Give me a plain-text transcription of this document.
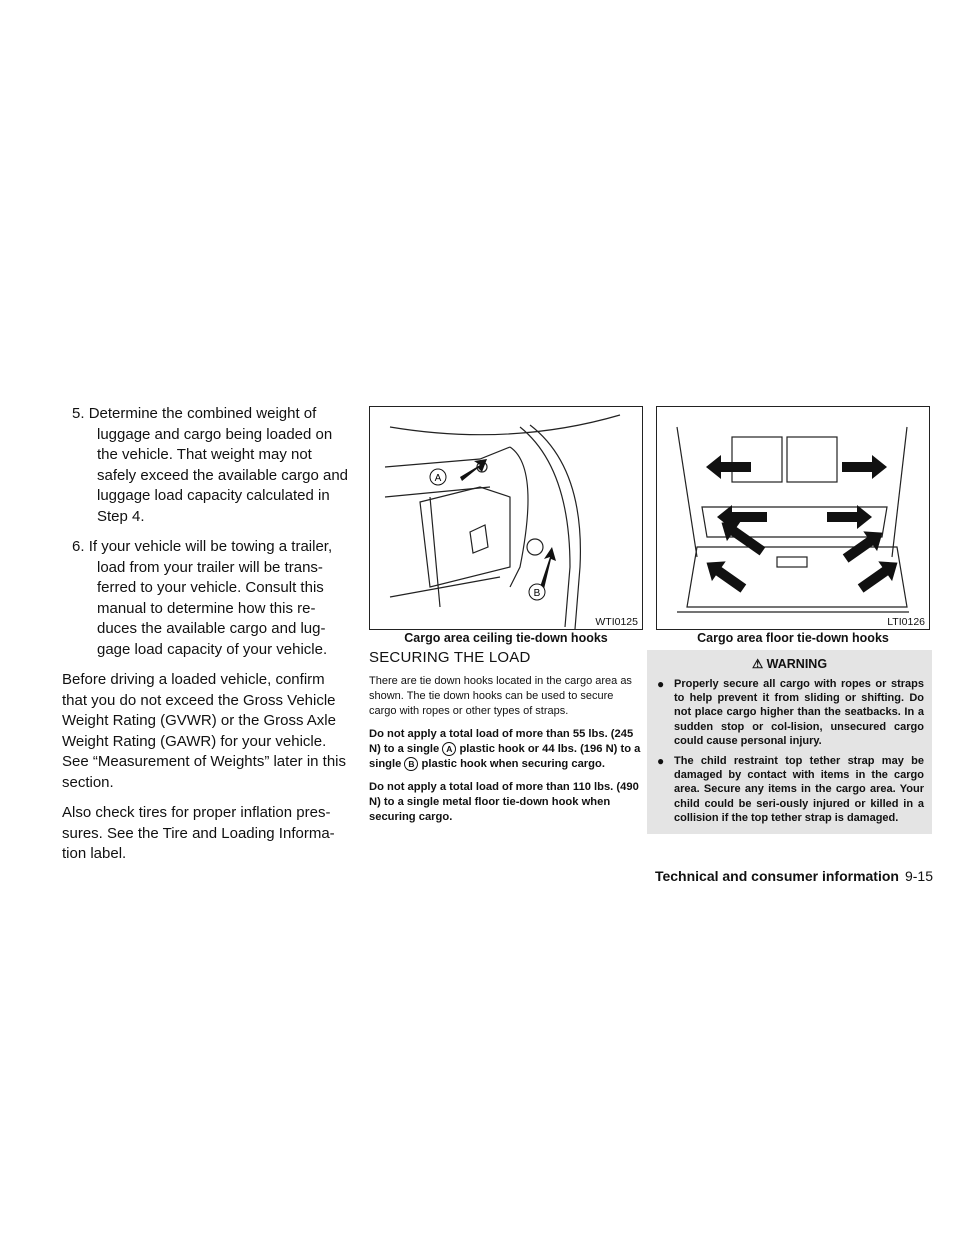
5. Determine the combined weight of luggage and cargo being loaded on the vehicle. That weight may not safely exceed the available cargo and luggage load capacity calculated in Step 4.
6. If your vehicle will be towing a trailer, load from your trailer will be trans-ferred to your vehicle. Consult this manual to determine how this re-duces the available cargo and lug-gage load capacity of your vehicle.

Before driving a loaded vehicle, confirm that you do not exceed the Gross Vehicle Weight Rating (GVWR) or the Gross Axle Weight Rating (GAWR) for your vehicle. See “Measurement of Weights” later in this section.

Also check tires for proper inflation pres-sures. See the Tire and Loading Informa-tion label.

A
B
WTI0125
Cargo area ceiling tie-down hooks
LTI0126
Cargo area floor tie-down hooks
SECURING THE LOAD

There are tie down hooks located in the cargo area as shown. The tie down hooks can be used to secure cargo with ropes or other types of straps.

Do not apply a total load of more than 55 lbs. (245 N) to a single A plastic hook or 44 lbs. (196 N) to a single B plastic hook when securing cargo.

Do not apply a total load of more than 110 lbs. (490 N) to a single metal floor tie-down hook when securing cargo.

⚠ WARNING
● Properly secure all cargo with ropes or straps to help prevent it from sliding or shifting. Do not place cargo higher than the seatbacks. In a sudden stop or col-lision, unsecured cargo could cause personal injury.
● The child restraint top tether strap may be damaged by contact with items in the cargo area. Secure any items in the cargo area. Your child could be seri-ously injured or killed in a collision if the top tether strap is damaged.
Technical and consumer information 9-15
